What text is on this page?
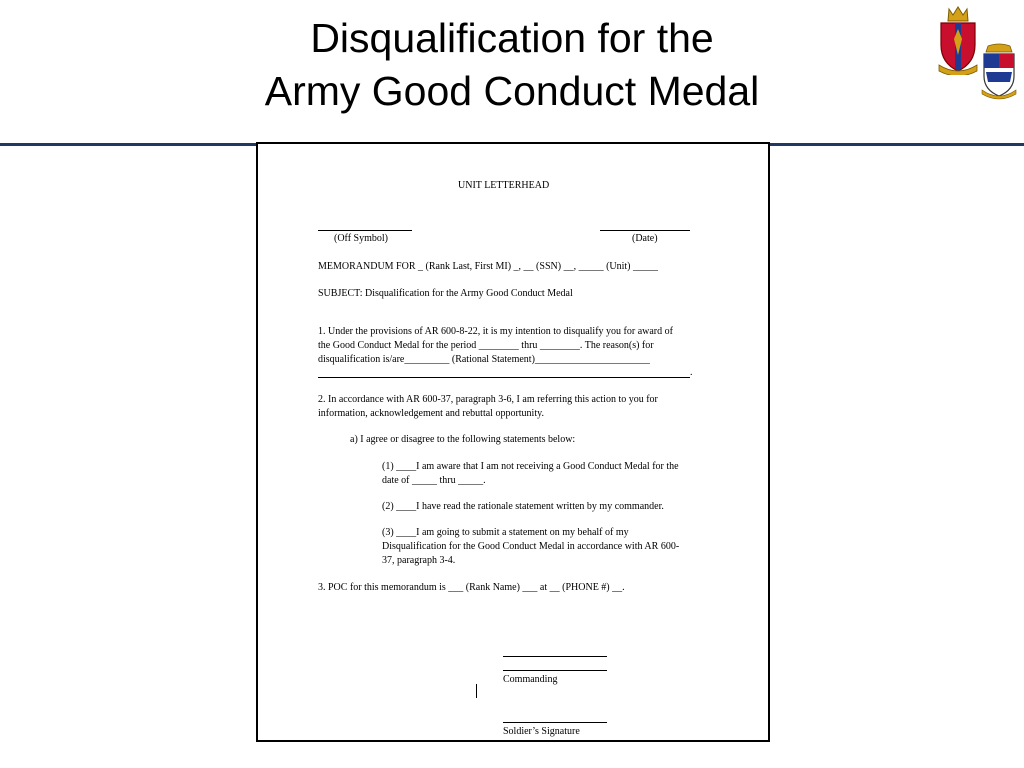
Disqualification for the
Army Good Conduct Medal
UNIT LETTERHEAD
(Off Symbol)	(Date)
MEMORANDUM FOR _ (Rank Last, First MI) _, __ (SSN) __, _____ (Unit) _____
SUBJECT: Disqualification for the Army Good Conduct Medal
1. Under the provisions of AR 600-8-22, it is my intention to disqualify you for award of
the Good Conduct Medal for the period ________ thru ________. The reason(s) for
disqualification is/are_________ (Rational Statement)_______________________
.
2. In accordance with AR 600-37, paragraph 3-6, I am referring this action to you for
information, acknowledgement and rebuttal opportunity.
a) I agree or disagree to the following statements below:
(1) ____I am aware that I am not receiving a Good Conduct Medal for the
date of _____ thru _____.
(2) ____I have read the rationale statement written by my commander.
(3) ____I am going to submit a statement on my behalf of my
Disqualification for the Good Conduct Medal in accordance with AR 600-
37, paragraph 3-4.
3. POC for this memorandum is ___ (Rank Name) ___ at __ (PHONE #) __.
Commanding
Soldier’s Signature
